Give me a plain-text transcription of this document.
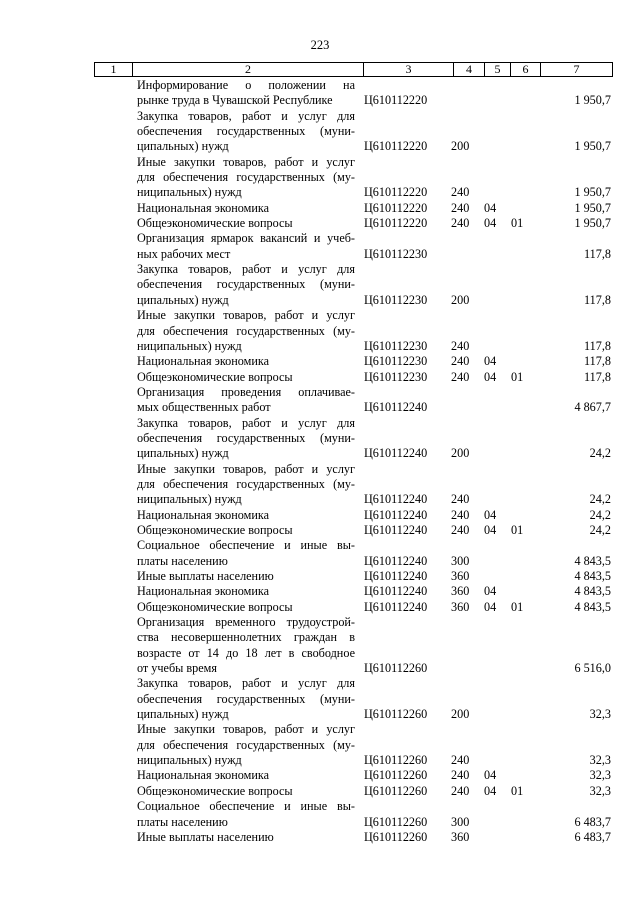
223
1	2	3	4	5	6	7
Информирование о положении на
рынке труда в Чувашской Республике	Ц610112220	1 950,7
Закупка товаров, работ и услуг для
обеспечения государственных (муни-
ципальных) нужд	Ц610112220 200	1 950,7
Иные закупки товаров, работ и услуг
для обеспечения государственных (му-
ниципальных) нужд	Ц610112220 240	1 950,7
Национальная экономика	Ц610112220 240 04	1 950,7
Общеэкономические вопросы	Ц610112220 240 04 01	1 950,7
Организация ярмарок вакансий и учеб-
ных рабочих мест	Ц610112230	117,8
Закупка товаров, работ и услуг для
обеспечения государственных (муни-
ципальных) нужд	Ц610112230 200	117,8
Иные закупки товаров, работ и услуг
для обеспечения государственных (му-
ниципальных) нужд	Ц610112230 240	117,8
Национальная экономика	Ц610112230 240 04	117,8
Общеэкономические вопросы	Ц610112230 240 04 01	117,8
Организация проведения оплачивае-
мых общественных работ	Ц610112240	4 867,7
Закупка товаров, работ и услуг для
обеспечения государственных (муни-
ципальных) нужд	Ц610112240 200	24,2
Иные закупки товаров, работ и услуг
для обеспечения государственных (му-
ниципальных) нужд	Ц610112240 240	24,2
Национальная экономика	Ц610112240 240 04	24,2
Общеэкономические вопросы	Ц610112240 240 04 01	24,2
Социальное обеспечение и иные вы-
платы населению	Ц610112240 300	4 843,5
Иные выплаты населению	Ц610112240 360	4 843,5
Национальная экономика	Ц610112240 360 04	4 843,5
Общеэкономические вопросы	Ц610112240 360 04 01	4 843,5
Организация временного трудоустрой-
ства несовершеннолетних граждан в
возрасте от 14 до 18 лет в свободное
от учебы время	Ц610112260	6 516,0
Закупка товаров, работ и услуг для
обеспечения государственных (муни-
ципальных) нужд	Ц610112260 200	32,3
Иные закупки товаров, работ и услуг
для обеспечения государственных (му-
ниципальных) нужд	Ц610112260 240	32,3
Национальная экономика	Ц610112260 240 04	32,3
Общеэкономические вопросы	Ц610112260 240 04 01	32,3
Социальное обеспечение и иные вы-
платы населению	Ц610112260 300	6 483,7
Иные выплаты населению	Ц610112260 360	6 483,7
